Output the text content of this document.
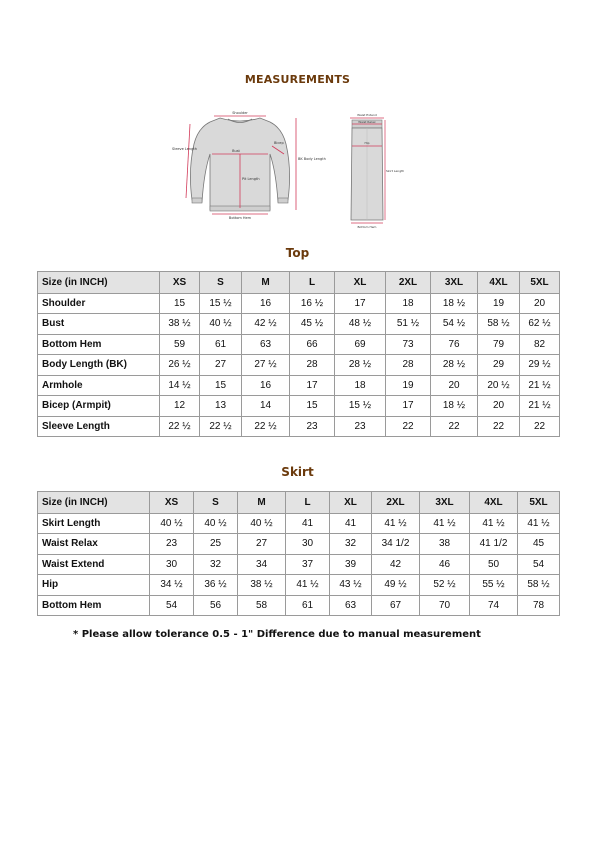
MEASUREMENTS
Shoulder
Sleeve Length	Bust
Bicep
BK Body Length
Pit Length
Bottom Hem
Waist Extend
Waist Relax
Hip
Skirt Length
Bottom Hem
Top
Size (in INCH)	XS	S	M	L	XL	2XL	3XL	4XL	5XL
Shoulder	15	15 ½	16	16 ½	17	18	18 ½	19	20
Bust	38 ½	40 ½	42 ½	45 ½	48 ½	51 ½	54 ½	58 ½	62 ½
Bottom Hem	59	61	63	66	69	73	76	79	82
Body Length (BK)	26 ½	27	27 ½	28	28 ½	28	28 ½	29	29 ½
Armhole	14 ½	15	16	17	18	19	20	20 ½	21 ½
Bicep (Armpit)	12	13	14	15	15 ½	17	18 ½	20	21 ½
Sleeve Length	22 ½	22 ½	22 ½	23	23	22	22	22	22
Skirt
Size (in INCH)	XS	S	M	L	XL	2XL	3XL	4XL	5XL
Skirt Length	40 ½	40 ½	40 ½	41	41	41 ½	41 ½	41 ½	41 ½
Waist Relax	23	25	27	30	32	34 1/2	38	41 1/2	45
Waist Extend	30	32	34	37	39	42	46	50	54
Hip	34 ½	36 ½	38 ½	41 ½	43 ½	49 ½	52 ½	55 ½	58 ½
Bottom Hem	54	56	58	61	63	67	70	74	78
* Please allow tolerance 0.5 - 1" Difference due to manual measurement
